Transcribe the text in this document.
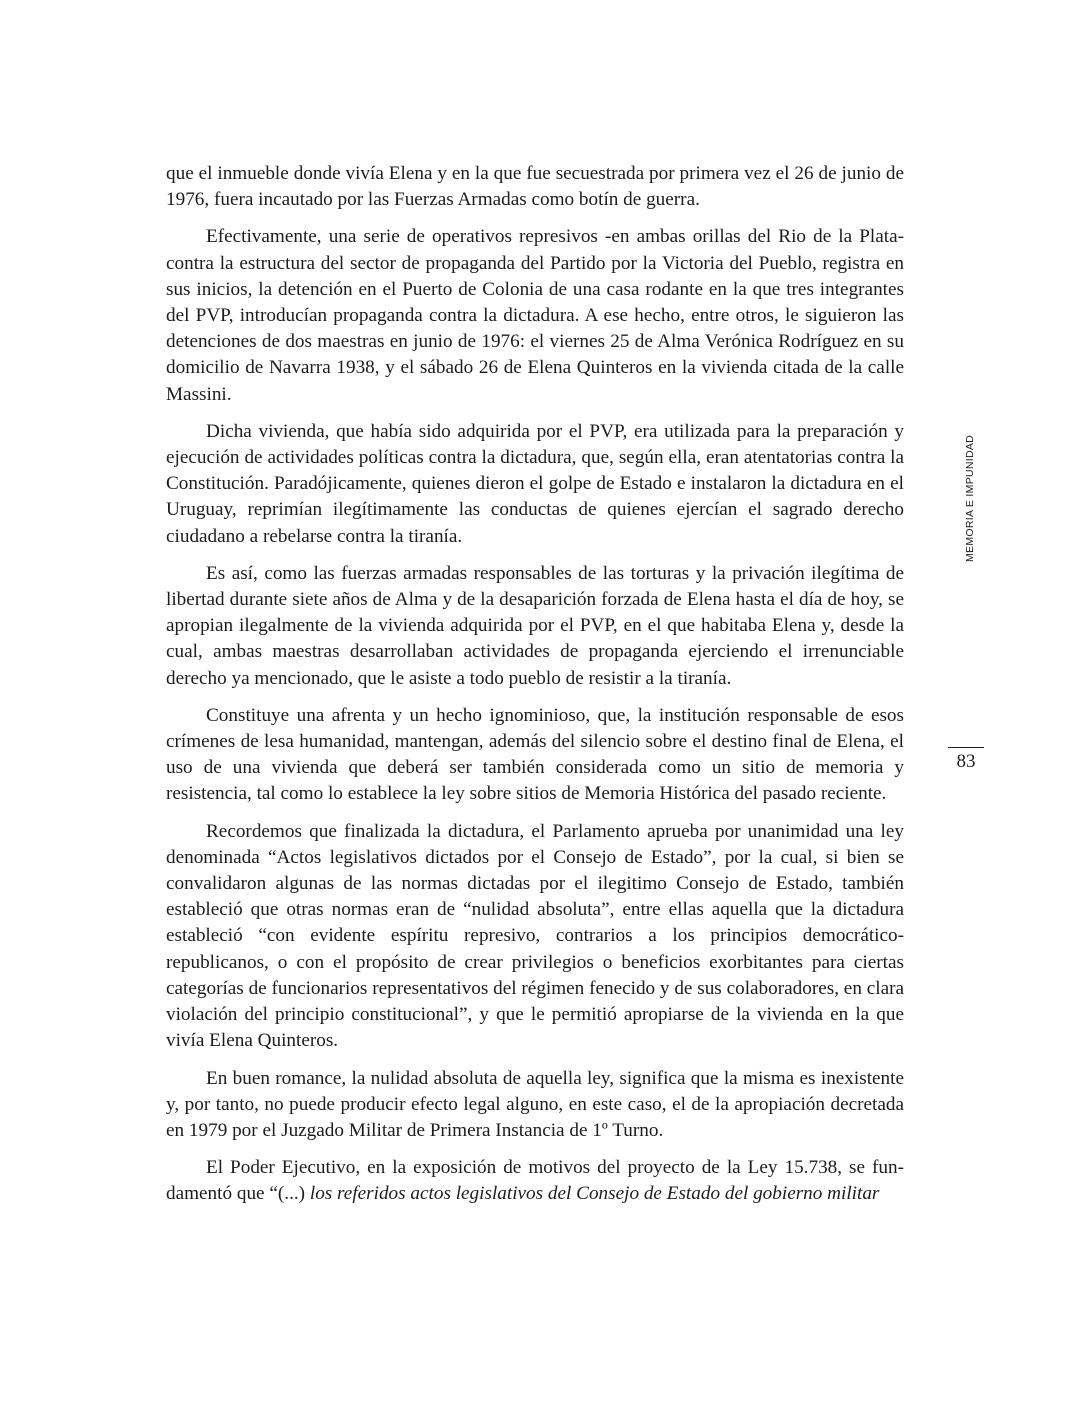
que el inmueble donde vivía Elena y en la que fue secuestrada por primera vez el 26 de junio de 1976, fuera incautado por las Fuerzas Armadas como botín de guerra.

Efectivamente, una serie de operativos represivos -en ambas orillas del Rio de la Plata- contra la estructura del sector de propaganda del Partido por la Victoria del Pueblo, registra en sus inicios, la detención en el Puerto de Colonia de una casa rodante en la que tres integrantes del PVP, introducían propaganda contra la dictadura. A ese hecho, entre otros, le siguieron las detenciones de dos maestras en junio de 1976: el viernes 25 de Alma Verónica Rodríguez en su domicilio de Navarra 1938, y el sábado 26 de Elena Quinteros en la vivienda citada de la calle Massini.

Dicha vivienda, que había sido adquirida por el PVP, era utilizada para la preparación y ejecución de actividades políticas contra la dictadura, que, según ella, eran atentatorias contra la Constitución. Paradójicamente, quienes dieron el golpe de Estado e instalaron la dictadura en el Uruguay, reprimían ilegítimamente las conductas de quienes ejercían el sagrado derecho ciudadano a rebelarse contra la tiranía.

Es así, como las fuerzas armadas responsables de las torturas y la privación ilegítima de libertad durante siete años de Alma y de la desaparición forzada de Elena hasta el día de hoy, se apropian ilegalmente de la vivienda adquirida por el PVP, en el que habitaba Elena y, desde la cual, ambas maestras desarrollaban actividades de propaganda ejerciendo el irrenunciable derecho ya mencionado, que le asiste a todo pueblo de resistir a la tiranía.

Constituye una afrenta y un hecho ignominioso, que, la institución responsable de esos crímenes de lesa humanidad, mantengan, además del silencio sobre el destino final de Elena, el uso de una vivienda que deberá ser también considerada como un sitio de memoria y resistencia, tal como lo establece la ley sobre sitios de Memoria Histórica del pasado reciente.

Recordemos que finalizada la dictadura, el Parlamento aprueba por unanimidad una ley denominada “Actos legislativos dictados por el Consejo de Estado”, por la cual, si bien se convalidaron algunas de las normas dictadas por el ilegitimo Consejo de Estado, también estableció que otras normas eran de “nulidad absoluta”, entre ellas aquella que la dictadura estableció “con evidente espíritu represivo, contrarios a los principios democrático-republicanos, o con el propósito de crear privilegios o beneficios exorbitantes para ciertas categorías de funcionarios representativos del régimen fenecido y de sus colaboradores, en clara violación del principio constitucional”, y que le permitió apropiarse de la vivienda en la que vivía Elena Quinteros.

En buen romance, la nulidad absoluta de aquella ley, significa que la misma es inexistente y, por tanto, no puede producir efecto legal alguno, en este caso, el de la apropiación decretada en 1979 por el Juzgado Militar de Primera Instancia de 1º Turno.

El Poder Ejecutivo, en la exposición de motivos del proyecto de la Ley 15.738, se fundamentó que “(...) los referidos actos legislativos del Consejo de Estado del gobierno militar

MEMORIA E IMPUNIDAD
83
